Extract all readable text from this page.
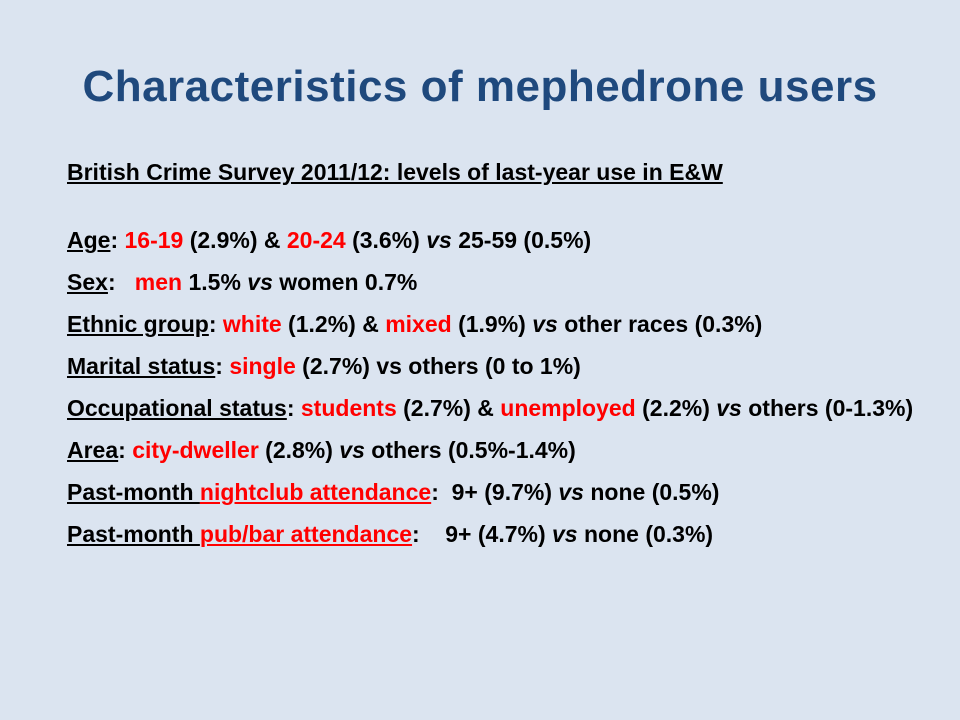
Characteristics of mephedrone users
British Crime Survey 2011/12: levels of last-year use in E&W
Age: 16-19 (2.9%) & 20-24 (3.6%) vs 25-59 (0.5%)
Sex:   men 1.5% vs women 0.7%
Ethnic group: white (1.2%) & mixed (1.9%) vs other races (0.3%)
Marital status: single (2.7%) vs others (0 to 1%)
Occupational status: students (2.7%) & unemployed (2.2%) vs others (0-1.3%)
Area: city-dweller (2.8%) vs others (0.5%-1.4%)
Past-month nightclub attendance:  9+ (9.7%) vs none (0.5%)
Past-month pub/bar attendance:    9+ (4.7%) vs none (0.3%)
